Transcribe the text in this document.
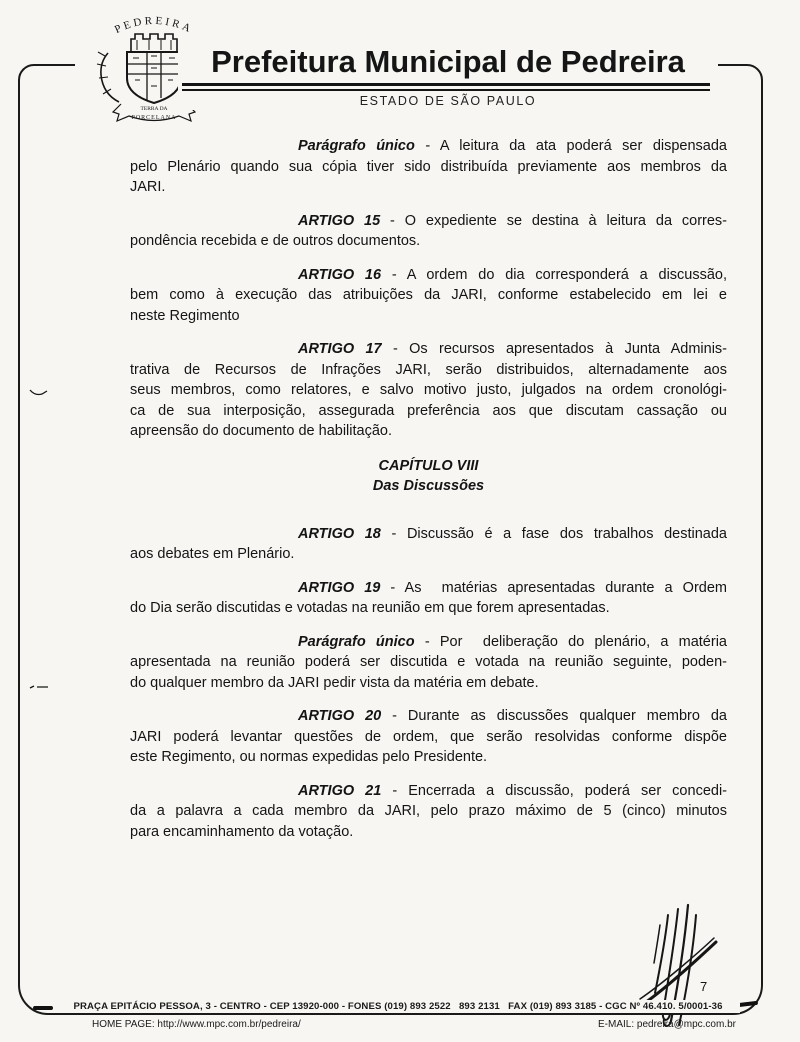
PEDREIRA
TERRA DA
PORCELANA
Prefeitura Municipal de Pedreira
ESTADO DE SÃO PAULO
Parágrafo único - A leitura da ata poderá ser dispensada
pelo Plenário quando sua cópia tiver sido distribuída previamente aos membros da
JARI.
ARTIGO 15 - O expediente se destina à leitura da corres-
pondência recebida e de outros documentos.
ARTIGO 16 - A ordem do dia corresponderá a discussão,
bem como à execução das atribuições da JARI, conforme estabelecido em lei e
neste Regimento
ARTIGO 17 - Os recursos apresentados à Junta Adminis-
trativa de Recursos de Infrações JARI, serão distribuidos, alternadamente aos
seus membros, como relatores, e salvo motivo justo, julgados na ordem cronológi-
ca de sua interposição, assegurada preferência aos que discutam cassação ou
apreensão do documento de habilitação.
CAPÍTULO VIII
Das Discussões
ARTIGO 18 - Discussão é a fase dos trabalhos destinada
aos debates em Plenário.
ARTIGO 19 - As  matérias apresentadas durante a Ordem
do Dia serão discutidas e votadas na reunião em que forem apresentadas.
Parágrafo único - Por  deliberação do plenário, a matéria
apresentada na reunião poderá ser discutida e votada na reunião seguinte, poden-
do qualquer membro da JARI pedir vista da matéria em debate.
ARTIGO 20 - Durante as discussões qualquer membro da
JARI poderá levantar questões de ordem, que serão resolvidas conforme dispõe
este Regimento, ou normas expedidas pelo Presidente.
ARTIGO 21 - Encerrada a discussão, poderá ser concedi-
da a palavra a cada membro da JARI, pelo prazo máximo de 5 (cinco) minutos
para encaminhamento da votação.
7
PRAÇA EPITÁCIO PESSOA, 3 - CENTRO - CEP 13920-000 - FONES (019) 893 2522   893 2131   FAX (019) 893 3185 - CGC Nº 46.410. 5/0001-36
HOME PAGE: http://www.mpc.com.br/pedreira/	E-MAIL: pedreira@mpc.com.br
